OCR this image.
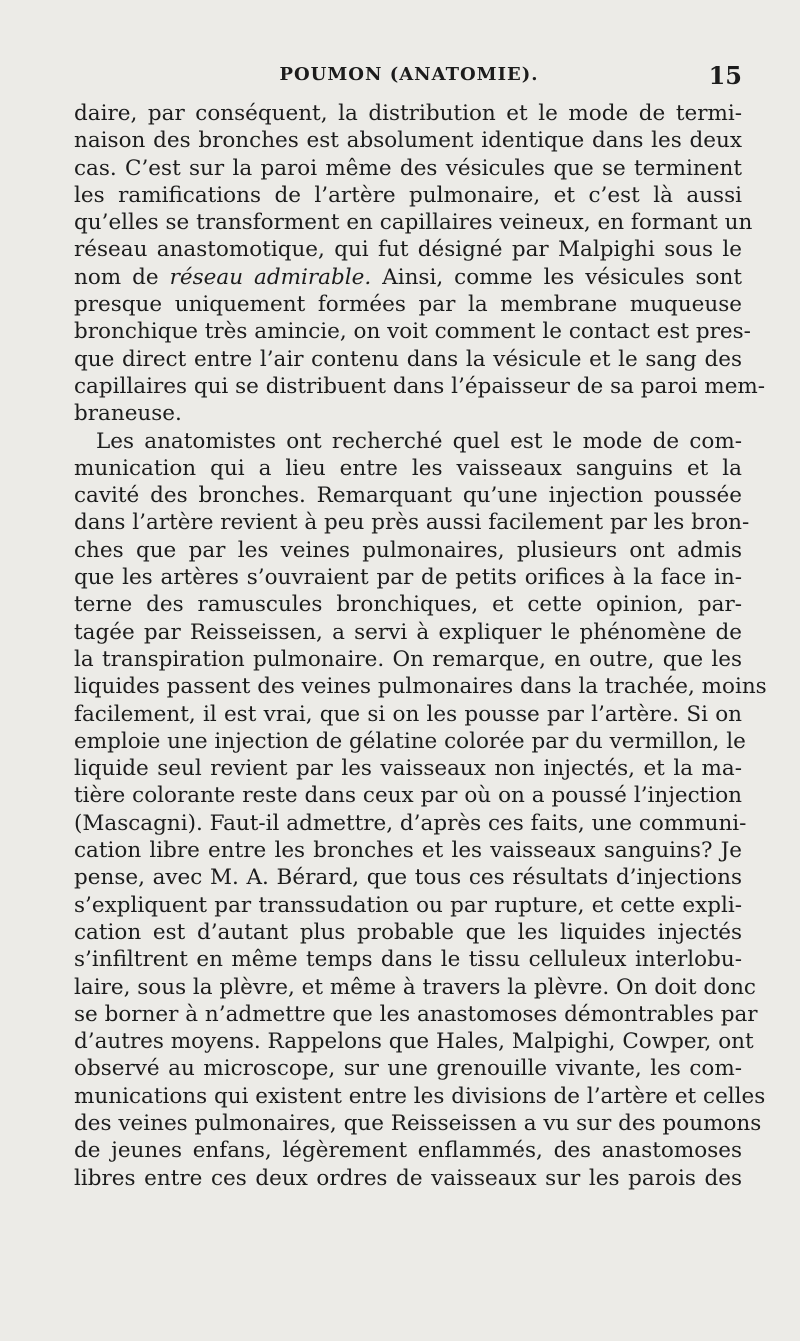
POUMON (ANATOMIE).	15
daire, par conséquent, la distribution et le mode de termi-
naison des bronches est absolument identique dans les deux
cas. C’est sur la paroi même des vésicules que se terminent
les ramifications de l’artère pulmonaire, et c’est là aussi
qu’elles se transforment en capillaires veineux, en formant un
réseau anastomotique, qui fut désigné par Malpighi sous le
nom de réseau admirable. Ainsi, comme les vésicules sont
presque uniquement formées par la membrane muqueuse
bronchique très amincie, on voit comment le contact est pres-
que direct entre l’air contenu dans la vésicule et le sang des
capillaires qui se distribuent dans l’épaisseur de sa paroi mem-
braneuse.
Les anatomistes ont recherché quel est le mode de com-
munication qui a lieu entre les vaisseaux sanguins et la
cavité des bronches. Remarquant qu’une injection poussée
dans l’artère revient à peu près aussi facilement par les bron-
ches que par les veines pulmonaires, plusieurs ont admis
que les artères s’ouvraient par de petits orifices à la face in-
terne des ramuscules bronchiques, et cette opinion, par-
tagée par Reisseissen, a servi à expliquer le phénomène de
la transpiration pulmonaire. On remarque, en outre, que les
liquides passent des veines pulmonaires dans la trachée, moins
facilement, il est vrai, que si on les pousse par l’artère. Si on
emploie une injection de gélatine colorée par du vermillon, le
liquide seul revient par les vaisseaux non injectés, et la ma-
tière colorante reste dans ceux par où on a poussé l’injection
(Mascagni). Faut-il admettre, d’après ces faits, une communi-
cation libre entre les bronches et les vaisseaux sanguins? Je
pense, avec M. A. Bérard, que tous ces résultats d’injections
s’expliquent par transsudation ou par rupture, et cette expli-
cation est d’autant plus probable que les liquides injectés
s’infiltrent en même temps dans le tissu celluleux interlobu-
laire, sous la plèvre, et même à travers la plèvre. On doit donc
se borner à n’admettre que les anastomoses démontrables par
d’autres moyens. Rappelons que Hales, Malpighi, Cowper, ont
observé au microscope, sur une grenouille vivante, les com-
munications qui existent entre les divisions de l’artère et celles
des veines pulmonaires, que Reisseissen a vu sur des poumons
de jeunes enfans, légèrement enflammés, des anastomoses
libres entre ces deux ordres de vaisseaux sur les parois des
